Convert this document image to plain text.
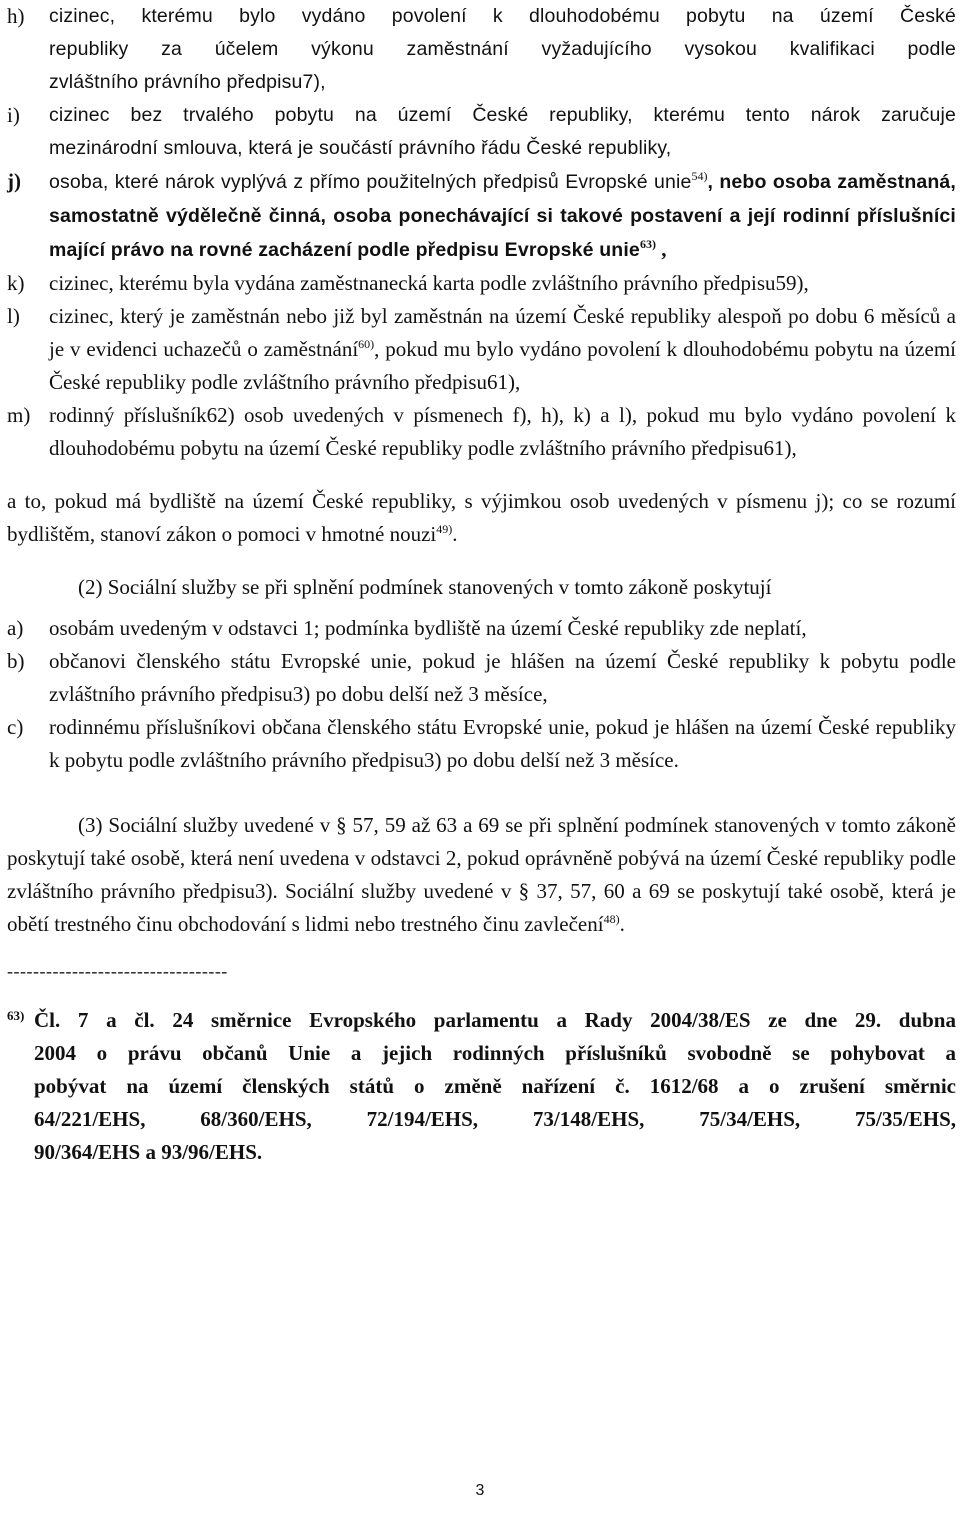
h)	cizinec, kterému bylo vydáno povolení k dlouhodobému pobytu na území České
republiky za účelem výkonu zaměstnání vyžadujícího vysokou kvalifikaci podle
zvláštního právního předpisu7),
i)	cizinec bez trvalého pobytu na území České republiky, kterému tento nárok zaručuje
mezinárodní smlouva, která je součástí právního řádu České republiky,
j)	osoba, které nárok vyplývá z přímo použitelných předpisů Evropské unie$^{54)}$, nebo osoba zaměstnaná, samostatně výdělečně činná, osoba ponechávající si takové postavení a její rodinní příslušníci mající právo na rovné zacházení podle předpisu Evropské unie$^{63)}$ ,
k)	cizinec, kterému byla vydána zaměstnanecká karta podle zvláštního právního předpisu59),
l)	cizinec, který je zaměstnán nebo již byl zaměstnán na území České republiky alespoň po dobu 6 měsíců a je v evidenci uchazečů o zaměstnání$^{60)}$, pokud mu bylo vydáno povolení k dlouhodobému pobytu na území České republiky podle zvláštního právního předpisu61),
m) rodinný příslušník62) osob uvedených v písmenech f), h), k) a l), pokud mu bylo vydáno povolení k dlouhodobému pobytu na území České republiky podle zvláštního právního předpisu61),
a to, pokud má bydliště na území České republiky, s výjimkou osob uvedených v písmenu j); co se rozumí bydlištěm, stanoví zákon o pomoci v hmotné nouzi$^{49)}$.
(2) Sociální služby se při splnění podmínek stanovených v tomto zákoně poskytují
a)	osobám uvedeným v odstavci 1; podmínka bydliště na území České republiky zde neplatí,
b)	občanovi členského státu Evropské unie, pokud je hlášen na území České republiky k pobytu podle zvláštního právního předpisu3) po dobu delší než 3 měsíce,
c)	rodinnému příslušníkovi občana členského státu Evropské unie, pokud je hlášen na území České republiky k pobytu podle zvláštního právního předpisu3) po dobu delší než 3 měsíce.
(3) Sociální služby uvedené v § 57, 59 až 63 a 69 se při splnění podmínek stanovených v tomto zákoně poskytují také osobě, která není uvedena v odstavci 2, pokud oprávněně pobývá na území České republiky podle zvláštního právního předpisu3). Sociální služby uvedené v § 37, 57, 60 a 69 se poskytují také osobě, která je obětí trestného činu obchodování s lidmi nebo trestného činu zavlečení$^{48)}$.
----------------------------------
63) Čl. 7 a čl. 24 směrnice Evropského parlamentu a Rady 2004/38/ES ze dne 29. dubna
2004 o právu občanů Unie a jejich rodinných příslušníků svobodně se pohybovat a
pobývat na území členských států o změně nařízení č. 1612/68 a o zrušení směrnic
64/221/EHS, 68/360/EHS, 72/194/EHS, 73/148/EHS, 75/34/EHS, 75/35/EHS,
90/364/EHS a 93/96/EHS.
3
